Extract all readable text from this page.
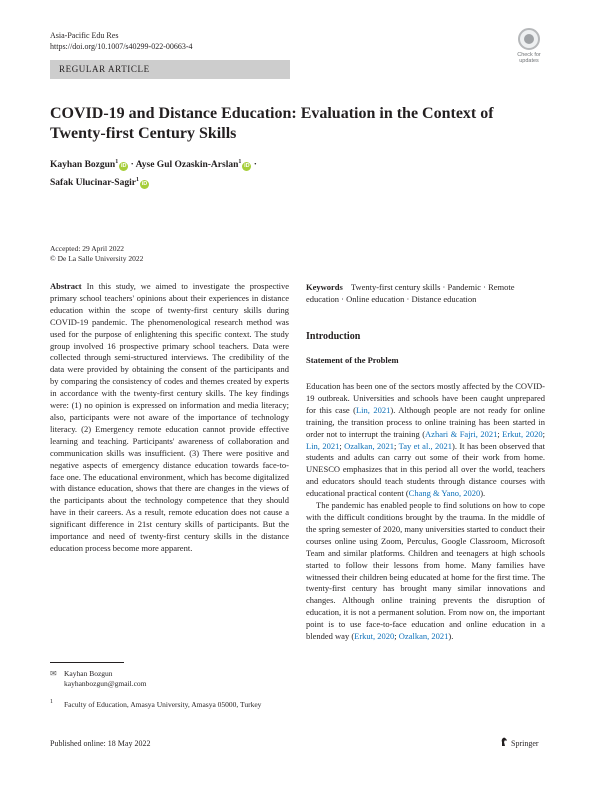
Asia-Pacific Edu Res
https://doi.org/10.1007/s40299-022-00663-4
Check for updates
REGULAR ARTICLE
COVID-19 and Distance Education: Evaluation in the Context of Twenty-first Century Skills
Kayhan Bozgun$^1$iD · Ayse Gul Ozaskin-Arslan$^1$iD ·
Safak Ulucinar-Sagir$^1$iD
Accepted: 29 April 2022
© De La Salle University 2022
Abstract In this study, we aimed to investigate the prospective primary school teachers' opinions about their experiences in distance education within the scope of twenty-first century skills during COVID-19 pandemic. The phenomenological research method was used for the purpose of enlightening this specific context. The study group involved 16 prospective primary school teachers. Data were collected through semi-structured interviews. The credibility of the data were provided by obtaining the consent of the participants and by comparing the consistency of codes and themes created by experts in accordance with the twenty-first century skills. The key findings were: (1) no opinion is expressed on information and media literacy; also, participants were not aware of the importance of technology literacy. (2) Emergency remote education cannot provide effective learning and teaching. Participants' awareness of collaboration and communication skills was insufficient. (3) There were positive and negative aspects of emergency distance education towards face-to-face one. The educational environment, which has become digitalized with distance education, shows that there are changes in the views of the participants about the technology competence that they should have in their careers. As a result, remote education does not cause a significant difference in 21st century skills of participants. But the importance and need of twenty-first century skills in the distance education process become more apparent.
Keywords Twenty-first century skills · Pandemic · Remote education · Online education · Distance education
Introduction
Statement of the Problem

Education has been one of the sectors mostly affected by the COVID-19 outbreak. Universities and schools have been caught unprepared for this case (Lin, 2021). Although people are not ready for online training, the transition process to online training has been started in order not to interrupt the training (Azhari & Fajri, 2021; Erkut, 2020; Lin, 2021; Ozalkan, 2021; Tay et al., 2021). It has been observed that students and adults can carry out some of their work from home. UNESCO emphasizes that in this period all over the world, teachers and educators should teach students through distance courses with educational practical content (Chang & Yano, 2020).

The pandemic has enabled people to find solutions on how to cope with the difficult conditions brought by the trauma. In the middle of the spring semester of 2020, many universities started to conduct their courses online using Zoom, Perculus, Google Classroom, Microsoft Team and similar platforms. Children and teenagers at high schools started to follow their lessons from home. Many families have witnessed their children being educated at home for the first time. The twenty-first century has brought many similar innovations and changes. Although online training prevents the disruption of education, it is not a permanent solution. From now on, the important point is to use face-to-face education and online education in a blended way (Erkut, 2020; Ozalkan, 2021).

✉ Kayhan Bozgun
kayhanbozgun@gmail.com
1 Faculty of Education, Amasya University, Amasya 05000, Turkey
Published online: 18 May 2022	Springer
